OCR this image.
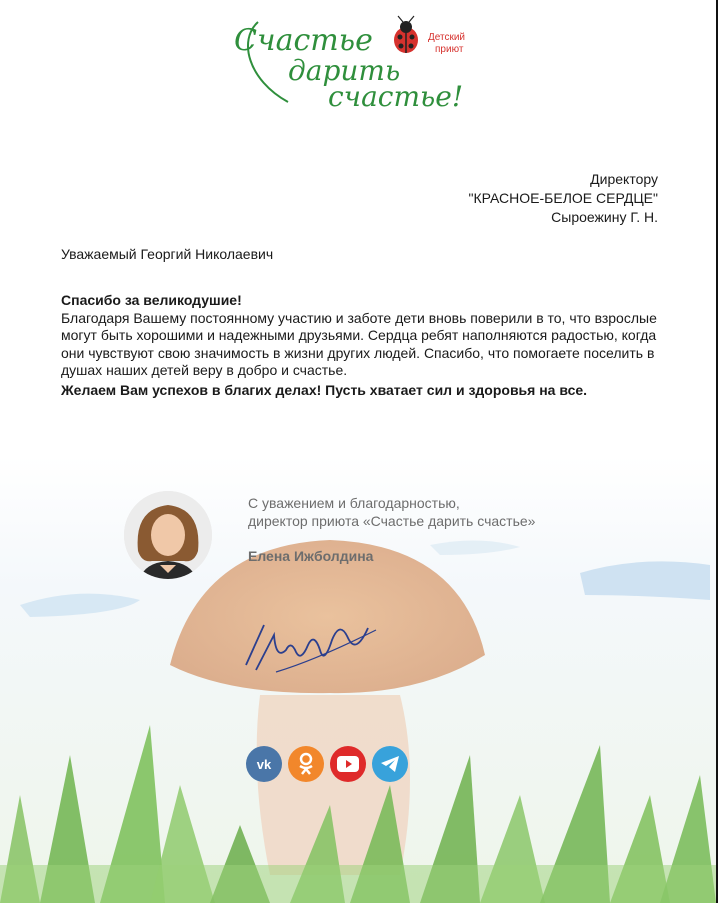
Счастье
дарить
счастье!
Детский
приют
Директору
"КРАСНОЕ-БЕЛОЕ СЕРДЦЕ"
Сыроежину Г. Н.
Уважаемый Георгий Николаевич

Спасибо за великодушие!

Благодаря Вашему постоянному участию и заботе дети вновь поверили в то, что взрослые могут быть хорошими и надежными друзьями. Сердца ребят наполняются радостью, когда они чувствуют свою значимость в жизни других людей. Спасибо, что помогаете поселить в душах наших детей веру в добро и счастье.

Желаем Вам успехов в благих делах! Пусть хватает сил и здоровья на все.

С уважением и благодарностью,
директор приюта «Счастье дарить счастье»
Елена Ижболдина
vk
